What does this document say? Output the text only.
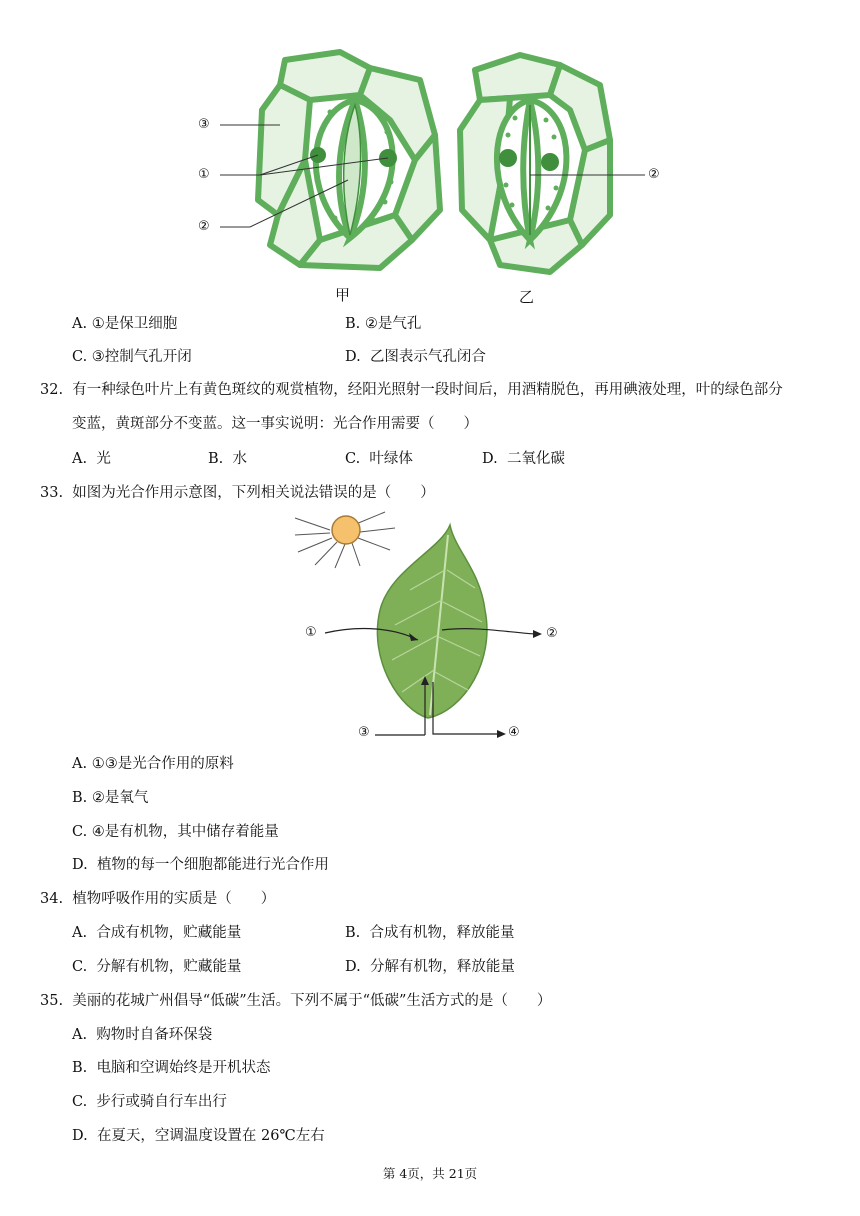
③
①
②
②
甲	乙
A. ①是保卫细胞	B. ②是气孔
C. ③控制气孔开闭	D. 乙图表示气孔闭合
32. 有一种绿色叶片上有黄色斑纹的观赏植物，经阳光照射一段时间后，用酒精脱色，再用碘液处理，叶的绿色部分
变蓝，黄斑部分不变蓝。这一事实说明：光合作用需要（　　）
A. 光	B. 水	C. 叶绿体	D. 二氧化碳
33. 如图为光合作用示意图，下列相关说法错误的是（　　）
①	②
③	④
A. ①③是光合作用的原料
B. ②是氧气
C. ④是有机物，其中储存着能量
D. 植物的每一个细胞都能进行光合作用
34. 植物呼吸作用的实质是（　　）
A. 合成有机物，贮藏能量	B. 合成有机物，释放能量
C. 分解有机物，贮藏能量	D. 分解有机物，释放能量
35. 美丽的花城广州倡导“低碳”生活。下列不属于“低碳”生活方式的是（　　）
A. 购物时自备环保袋
B. 电脑和空调始终是开机状态
C. 步行或骑自行车出行
D. 在夏天，空调温度设置在 26℃左右
第 4页，共 21页
